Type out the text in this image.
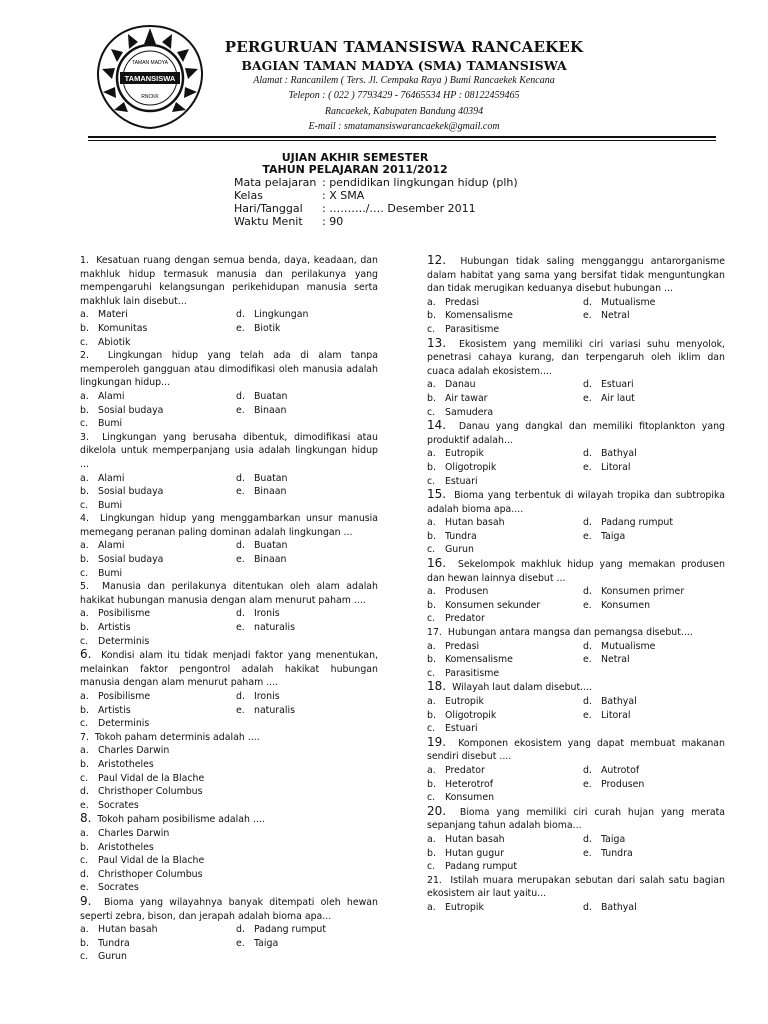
TAMANSISWA
TAMAN MADYA
RNCKK
PERGURUAN TAMANSISWA RANCAEKEK
BAGIAN TAMAN MADYA (SMA) TAMANSISWA
Alamat : Rancanilem ( Ters. Jl. Cempaka Raya ) Bumi Rancaekek Kencana
Telepon : ( 022 ) 7793429 - 76465534 HP : 08122459465
Rancaekek, Kabupaten Bandung 40394
E-mail : smatamansiswarancaekek@gmail.com
UJIAN AKHIR SEMESTER
TAHUN PELAJARAN 2011/2012
Mata pelajaran : pendidikan lingkungan hidup (plh)
Kelas	: X SMA
Hari/Tanggal	: ………./…. Desember 2011
Waktu Menit	: 90
1. Kesatuan ruang dengan semua benda, daya, keadaan, dan makhluk hidup termasuk manusia dan perilakunya yang mempengaruhi kelangsungan perikehidupan manusia serta makhluk lain disebut...
a. Materi	d. Lingkungan
b. Komunitas	e. Biotik
c.	Abiotik
2. Lingkungan hidup yang telah ada di alam tanpa memperoleh gangguan atau dimodifikasi oleh manusia adalah lingkungan hidup...
a. Alami	d. Buatan
b. Sosial budaya	e. Binaan
c.	Bumi
3. Lingkungan yang berusaha dibentuk, dimodifikasi atau dikelola untuk memperpanjang usia adalah lingkungan hidup ...
a. Alami	d. Buatan
b. Sosial budaya	e. Binaan
c.	Bumi
4. Lingkungan hidup yang menggambarkan unsur manusia memegang peranan paling dominan adalah lingkungan ...
a. Alami	d. Buatan
b. Sosial budaya	e. Binaan
c.	Bumi
5. Manusia dan perilakunya ditentukan oleh alam adalah hakikat hubungan manusia dengan alam menurut paham ....
a. Posibilisme	d. Ironis
b. Artistis	e. naturalis
c.	Determinis
6. Kondisi alam itu tidak menjadi faktor yang menentukan, melainkan faktor pengontrol adalah hakikat hubungan manusia dengan alam menurut paham ....
a. Posibilisme	d. Ironis
b. Artistis	e. naturalis
c.	Determinis
7. Tokoh paham determinis adalah ....
a. Charles Darwin
b. Aristotheles
c.	Paul Vidal de la Blache
d. Christhoper Columbus
e. Socrates
8. Tokoh paham posibilisme adalah ....
a. Charles Darwin
b. Aristotheles
c.	Paul Vidal de la Blache
d. Christhoper Columbus
e. Socrates
9. Bioma yang wilayahnya banyak ditempati oleh hewan seperti zebra, bison, dan jerapah adalah bioma apa...
a. Hutan basah	d. Padang rumput
b. Tundra	e. Taiga
c.	Gurun
12. Hubungan tidak saling mengganggu antarorganisme dalam habitat yang sama yang bersifat tidak menguntungkan dan tidak merugikan keduanya disebut hubungan ...
a. Predasi	d. Mutualisme
b. Komensalisme	e. Netral
c.	Parasitisme
13. Ekosistem yang memiliki ciri variasi suhu menyolok, penetrasi cahaya kurang, dan terpengaruh oleh iklim dan cuaca adalah ekosistem....
a. Danau	d. Estuari
b. Air tawar	e. Air laut
c.	Samudera
14. Danau yang dangkal dan memiliki fitoplankton yang produktif adalah...
a. Eutropik	d. Bathyal
b. Oligotropik	e. Litoral
c.	Estuari
15. Bioma yang terbentuk di wilayah tropika dan subtropika adalah bioma apa....
a. Hutan basah	d. Padang rumput
b. Tundra	e. Taiga
c.	Gurun
16. Sekelompok makhluk hidup yang memakan produsen dan hewan lainnya disebut ...
a. Produsen	d. Konsumen primer
b. Konsumen sekunder	e. Konsumen
c.	Predator
17. Hubungan antara mangsa dan pemangsa disebut....
a. Predasi	d. Mutualisme
b. Komensalisme	e. Netral
c.	Parasitisme
18. Wilayah laut dalam disebut....
a. Eutropik	d. Bathyal
b. Oligotropik	e. Litoral
c.	Estuari
19. Komponen ekosistem yang dapat membuat makanan sendiri disebut ....
a. Predator	d. Autrotof
b. Heterotrof	e. Produsen
c.	Konsumen
20. Bioma yang memiliki ciri curah hujan yang merata sepanjang tahun adalah bioma...
a. Hutan basah	d. Taiga
b. Hutan gugur	e. Tundra
c.	Padang rumput
21. Istilah muara merupakan sebutan dari salah satu bagian ekosistem air laut yaitu...
a. Eutropik	d. Bathyal
